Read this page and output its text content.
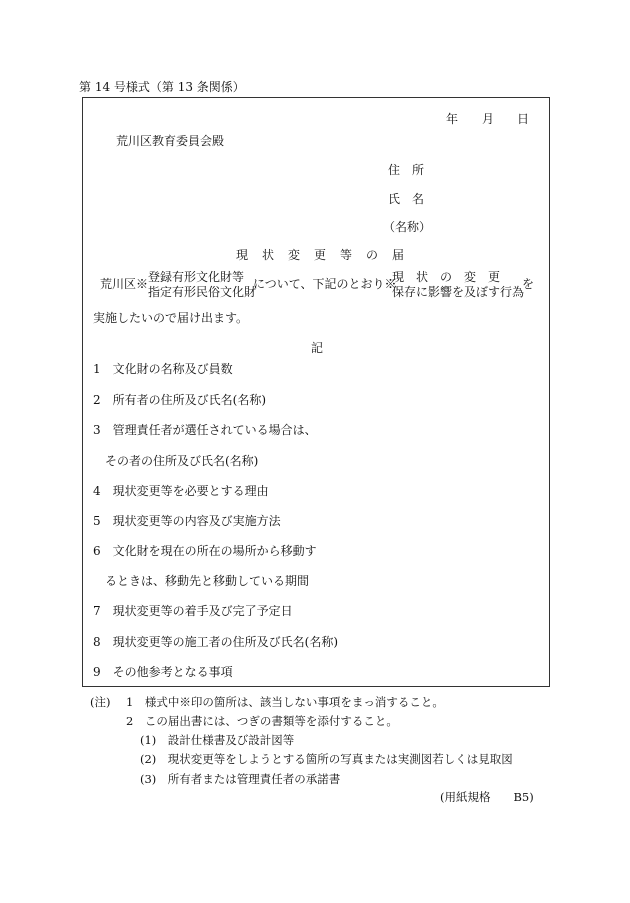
第 14 号様式（第 13 条関係）
年 月 日
荒川区教育委員会殿
住　所
氏　名
（名称）
現状変更等の届
荒川区※ 登録有形文化財等
指定有形民俗文化財
について、下記のとおり※
現　状　の　変　更
保存に影響を及ぼす行為
を
実施したいので届け出ます。
記
1　文化財の名称及び員数
2　所有者の住所及び氏名(名称)
3　管理責任者が選任されている場合は、
その者の住所及び氏名(名称)
4　現状変更等を必要とする理由
5　現状変更等の内容及び実施方法
6　文化財を現在の所在の場所から移動す
るときは、移動先と移動している期間
7　現状変更等の着手及び完了予定日
8　現状変更等の施工者の住所及び氏名(名称)
9　その他参考となる事項
(注) 1　様式中※印の箇所は、該当しない事項をまっ消すること。
2　この届出書には、つぎの書類等を添付すること。
(1)　設計仕様書及び設計図等
(2)　現状変更等をしようとする箇所の写真または実測図若しくは見取図
(3)　所有者または管理責任者の承諾書
(用紙規格　　B5)
